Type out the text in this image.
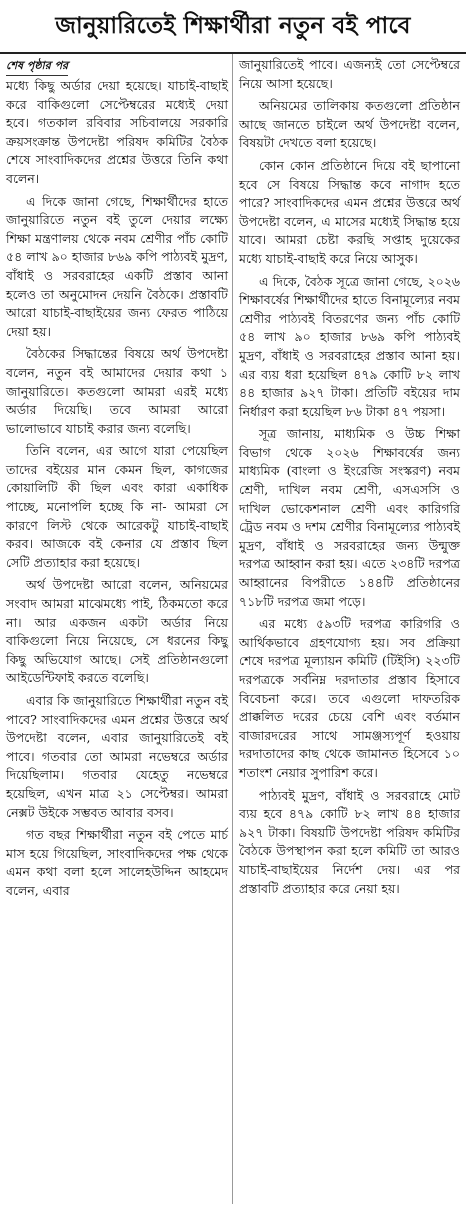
জানুয়ারিতেই শিক্ষার্থীরা নতুন বই পাবে
শেষ পৃষ্ঠার পর

মধ্যে কিছু অর্ডার দেয়া হয়েছে। যাচাই-বাছাই করে বাকিগুলো সেপ্টেম্বরের মধ্যেই দেয়া হবে। গতকাল রবিবার সচিবালয়ে সরকারি ক্রয়সংক্রান্ত উপদেষ্টা পরিষদ কমিটির বৈঠক শেষে সাংবাদিকদের প্রশ্নের উত্তরে তিনি কথা বলেন।

এ দিকে জানা গেছে, শিক্ষার্থীদের হাতে জানুয়ারিতে নতুন বই তুলে দেয়ার লক্ষ্যে শিক্ষা মন্ত্রণালয় থেকে নবম শ্রেণীর পাঁচ কোটি ৫৪ লাখ ৯০ হাজার ৮৬৯ কপি পাঠ্যবই মুদ্রণ, বাঁধাই ও সরবরাহের একটি প্রস্তাব আনা হলেও তা অনুমোদন দেয়নি বৈঠকে। প্রস্তাবটি আরো যাচাই-বাছাইয়ের জন্য ফেরত পাঠিয়ে দেয়া হয়।

বৈঠকের সিদ্ধান্তের বিষয়ে অর্থ উপদেষ্টা বলেন, নতুন বই আমাদের দেয়ার কথা ১ জানুয়ারিতে। কতগুলো আমরা এরই মধ্যে অর্ডার দিয়েছি। তবে আমরা আরো ভালোভাবে যাচাই করার জন্য বলেছি।

তিনি বলেন, এর আগে যারা পেয়েছিল তাদের বইয়ের মান কেমন ছিল, কাগজের কোয়ালিটি কী ছিল এবং কারা একাধিক পাচ্ছে, মনোপলি হচ্ছে কি না- আমরা সে কারণে লিস্ট থেকে আরেকটু যাচাই-বাছাই করব। আজকে বই কেনার যে প্রস্তাব ছিল সেটি প্রত্যাহার করা হয়েছে।

অর্থ উপদেষ্টা আরো বলেন, অনিয়মের সংবাদ আমরা মাঝেমধ্যে পাই, ঠিকমতো করে না। আর একজন একটা অর্ডার নিয়ে বাকিগুলো নিয়ে নিয়েছে, সে ধরনের কিছু কিছু অভিযোগ আছে। সেই প্রতিষ্ঠানগুলো আইডেন্টিফাই করতে বলেছি।

এবার কি জানুয়ারিতে শিক্ষার্থীরা নতুন বই পাবে? সাংবাদিকদের এমন প্রশ্নের উত্তরে অর্থ উপদেষ্টা বলেন, এবার জানুয়ারিতেই বই পাবে। গতবার তো আমরা নভেম্বরে অর্ডার দিয়েছিলাম। গতবার যেহেতু নভেম্বরে হয়েছিল, এখন মাত্র ২১ সেপ্টেম্বর। আমরা নেক্সট উইকে সম্ভবত আবার বসব।

গত বছর শিক্ষার্থীরা নতুন বই পেতে মার্চ মাস হয়ে গিয়েছিল, সাংবাদিকদের পক্ষ থেকে এমন কথা বলা হলে সালেহউদ্দিন আহমেদ বলেন, এবার

জানুয়ারিতেই পাবে। এজন্যই তো সেপ্টেম্বরে নিয়ে আসা হয়েছে।

অনিয়মের তালিকায় কতগুলো প্রতিষ্ঠান আছে জানতে চাইলে অর্থ উপদেষ্টা বলেন, বিষয়টা দেখতে বলা হয়েছে।

কোন কোন প্রতিষ্ঠানে দিয়ে বই ছাপানো হবে সে বিষয়ে সিদ্ধান্ত কবে নাগাদ হতে পারে? সাংবাদিকদের এমন প্রশ্নের উত্তরে অর্থ উপদেষ্টা বলেন, এ মাসের মধ্যেই সিদ্ধান্ত হয়ে যাবে। আমরা চেষ্টা করছি সপ্তাহ দুয়েকের মধ্যে যাচাই-বাছাই করে নিয়ে আসুক।

এ দিকে, বৈঠক সূত্রে জানা গেছে, ২০২৬ শিক্ষাবর্ষের শিক্ষার্থীদের হাতে বিনামূল্যের নবম শ্রেণীর পাঠ্যবই বিতরণের জন্য পাঁচ কোটি ৫৪ লাখ ৯০ হাজার ৮৬৯ কপি পাঠ্যবই মুদ্রণ, বাঁধাই ও সরবরাহের প্রস্তাব আনা হয়। এর ব্যয় ধরা হয়েছিল ৪৭৯ কোটি ৮২ লাখ ৪৪ হাজার ৯২৭ টাকা। প্রতিটি বইয়ের দাম নির্ধারণ করা হয়েছিল ৮৬ টাকা ৪৭ পয়সা।

সূত্র জানায়, মাধ্যমিক ও উচ্চ শিক্ষা বিভাগ থেকে ২০২৬ শিক্ষাবর্ষের জন্য মাধ্যমিক (বাংলা ও ইংরেজি সংস্করণ) নবম শ্রেণী, দাখিল নবম শ্রেণী, এসএসসি ও দাখিল ভোকেশনাল শ্রেণী এবং কারিগরি ট্রেড নবম ও দশম শ্রেণীর বিনামূল্যের পাঠ্যবই মুদ্রণ, বাঁধাই ও সরবরাহের জন্য উন্মুক্ত দরপত্র আহ্বান করা হয়। এতে ২৩৪টি দরপত্র আহ্বানের বিপরীতে ১৪৪টি প্রতিষ্ঠানের ৭১৮টি দরপত্র জমা পড়ে।

এর মধ্যে ৫৯৩টি দরপত্র কারিগরি ও আর্থিকভাবে গ্রহণযোগ্য হয়। সব প্রক্রিয়া শেষে দরপত্র মূল্যায়ন কমিটি (টিইসি) ২২৩টি দরপত্রকে সর্বনিম্ন দরদাতার প্রস্তাব হিসাবে বিবেচনা করে। তবে এগুলো দাফতরিক প্রাক্কলিত দরের চেয়ে বেশি এবং বর্তমান বাজারদরের সাথে সামঞ্জস্যপূর্ণ হওয়ায় দরদাতাদের কাছ থেকে জামানত হিসেবে ১০ শতাংশ নেয়ার সুপারিশ করে।

পাঠ্যবই মুদ্রণ, বাঁধাই ও সরবরাহে মোট ব্যয় হবে ৪৭৯ কোটি ৮২ লাখ ৪৪ হাজার ৯২৭ টাকা। বিষয়টি উপদেষ্টা পরিষদ কমিটির বৈঠকে উপস্থাপন করা হলে কমিটি তা আরও যাচাই-বাছাইয়ের নির্দেশ দেয়। এর পর প্রস্তাবটি প্রত্যাহার করে নেয়া হয়।
